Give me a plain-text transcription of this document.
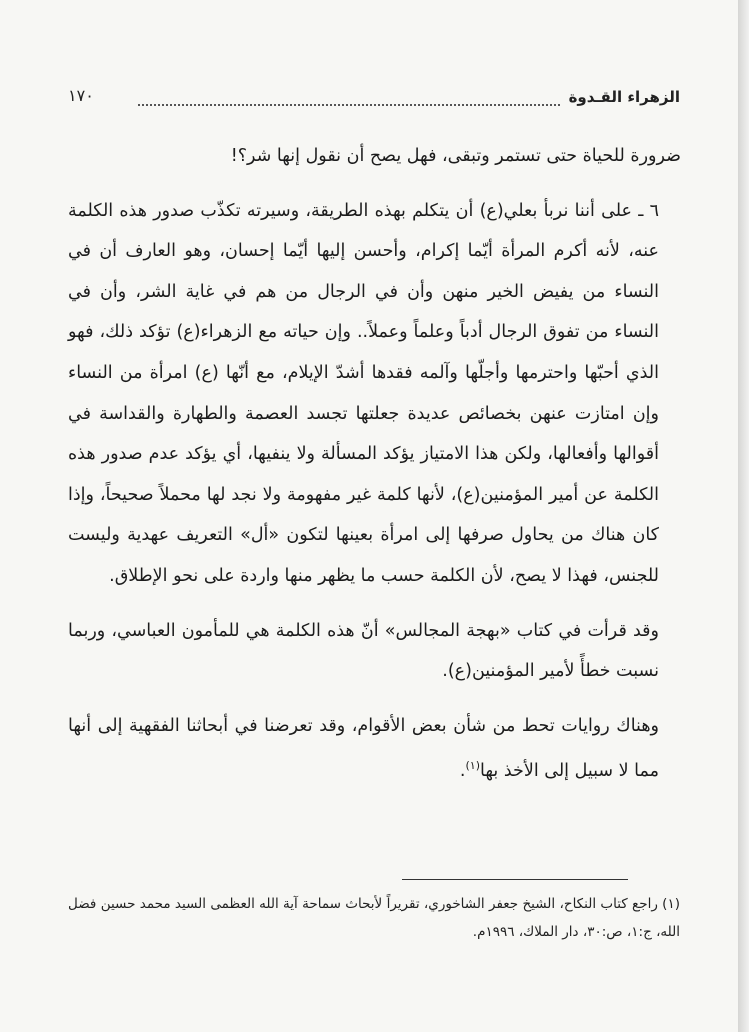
الزهراء القـدوة
١٧٠

ضرورة للحياة حتى تستمر وتبقى، فهل يصح أن نقول إنها شر؟!

٦ ـ على أننا نربأ بعلي(ع) أن يتكلم بهذه الطريقة، وسيرته تكذّب صدور هذه الكلمة عنه، لأنه أكرم المرأة أيّما إكرام، وأحسن إليها أيّما إحسان، وهو العارف أن في النساء من يفيض الخير منهن وأن في الرجال من هم في غاية الشر، وأن في النساء من تفوق الرجال أدباً وعلماً وعملاً.. وإن حياته مع الزهراء(ع) تؤكد ذلك، فهو الذي أحبّها واحترمها وأجلّها وآلمه فقدها أشدّ الإيلام، مع أنّها (ع) امرأة من النساء وإن امتازت عنهن بخصائص عديدة جعلتها تجسد العصمة والطهارة والقداسة في أقوالها وأفعالها، ولكن هذا الامتياز يؤكد المسألة ولا ينفيها، أي يؤكد عدم صدور هذه الكلمة عن أمير المؤمنين(ع)، لأنها كلمة غير مفهومة ولا نجد لها محملاً صحيحاً، وإذا كان هناك من يحاول صرفها إلى امرأة بعينها لتكون «أل» التعريف عهدية وليست للجنس، فهذا لا يصح، لأن الكلمة حسب ما يظهر منها واردة على نحو الإطلاق.

وقد قرأت في كتاب «بهجة المجالس» أنّ هذه الكلمة هي للمأمون العباسي، وربما نسبت خطأً لأمير المؤمنين(ع).

وهناك روايات تحط من شأن بعض الأقوام، وقد تعرضنا في أبحاثنا الفقهية إلى أنها مما لا سبيل إلى الأخذ بها$^{(١)}$.

(١) راجع كتاب النكاح، الشيخ جعفر الشاخوري، تقريراً لأبحاث سماحة آية الله العظمى السيد محمد حسين فضل الله، ج:١، ص:٣٠، دار الملاك، ١٩٩٦م.
